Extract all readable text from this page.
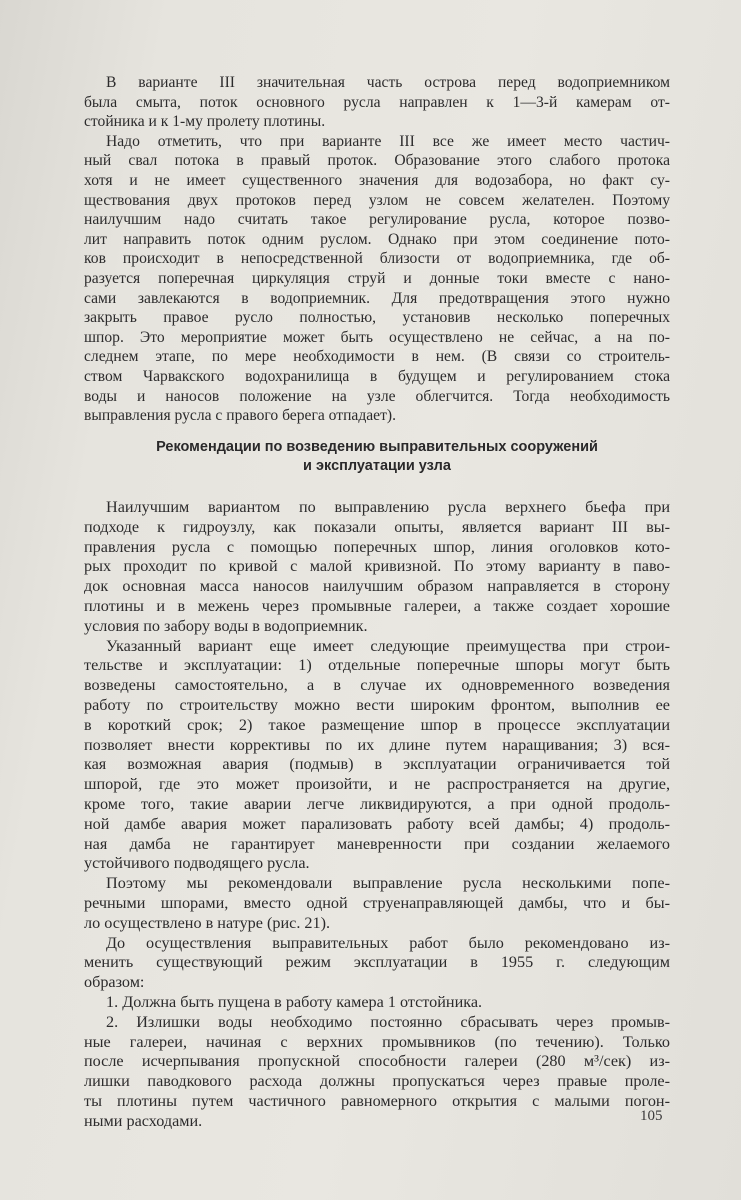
В варианте III значительная часть острова перед водоприемником
была смыта, поток основного русла направлен к 1—3-й камерам от-
стойника и к 1-му пролету плотины.
Надо отметить, что при варианте III все же имеет место частич-
ный свал потока в правый проток. Образование этого слабого протока
хотя и не имеет существенного значения для водозабора, но факт су-
ществования двух протоков перед узлом не совсем желателен. Поэтому
наилучшим надо считать такое регулирование русла, которое позво-
лит направить поток одним руслом. Однако при этом соединение пото-
ков происходит в непосредственной близости от водоприемника, где об-
разуется поперечная циркуляция струй и донные токи вместе с нано-
сами завлекаются в водоприемник. Для предотвращения этого нужно
закрыть правое русло полностью, установив несколько поперечных
шпор. Это мероприятие может быть осуществлено не сейчас, а на по-
следнем этапе, по мере необходимости в нем. (В связи со строитель-
ством Чарвакского водохранилища в будущем и регулированием стока
воды и наносов положение на узле облегчится. Тогда необходимость
выправления русла с правого берега отпадает).
Рекомендации по возведению выправительных сооружений
и эксплуатации узла
Наилучшим вариантом по выправлению русла верхнего бьефа при
подходе к гидроузлу, как показали опыты, является вариант III вы-
правления русла с помощью поперечных шпор, линия оголовков кото-
рых проходит по кривой с малой кривизной. По этому варианту в паво-
док основная масса наносов наилучшим образом направляется в сторону
плотины и в межень через промывные галереи, а также создает хорошие
условия по забору воды в водоприемник.
Указанный вариант еще имеет следующие преимущества при строи-
тельстве и эксплуатации: 1) отдельные поперечные шпоры могут быть
возведены самостоятельно, а в случае их одновременного возведения
работу по строительству можно вести широким фронтом, выполнив ее
в короткий срок; 2) такое размещение шпор в процессе эксплуатации
позволяет внести коррективы по их длине путем наращивания; 3) вся-
кая возможная авария (подмыв) в эксплуатации ограничивается той
шпорой, где это может произойти, и не распространяется на другие,
кроме того, такие аварии легче ликвидируются, а при одной продоль-
ной дамбе авария может парализовать работу всей дамбы; 4) продоль-
ная дамба не гарантирует маневренности при создании желаемого
устойчивого подводящего русла.
Поэтому мы рекомендовали выправление русла несколькими попе-
речными шпорами, вместо одной струенаправляющей дамбы, что и бы-
ло осуществлено в натуре (рис. 21).
До осуществления выправительных работ было рекомендовано из-
менить существующий режим эксплуатации в 1955 г. следующим
образом:
1. Должна быть пущена в работу камера 1 отстойника.
2. Излишки воды необходимо постоянно сбрасывать через промыв-
ные галереи, начиная с верхних промывников (по течению). Только
после исчерпывания пропускной способности галереи (280 м³/сек) из-
лишки паводкового расхода должны пропускаться через правые проле-
ты плотины путем частичного равномерного открытия с малыми погон-
ными расходами.	105
